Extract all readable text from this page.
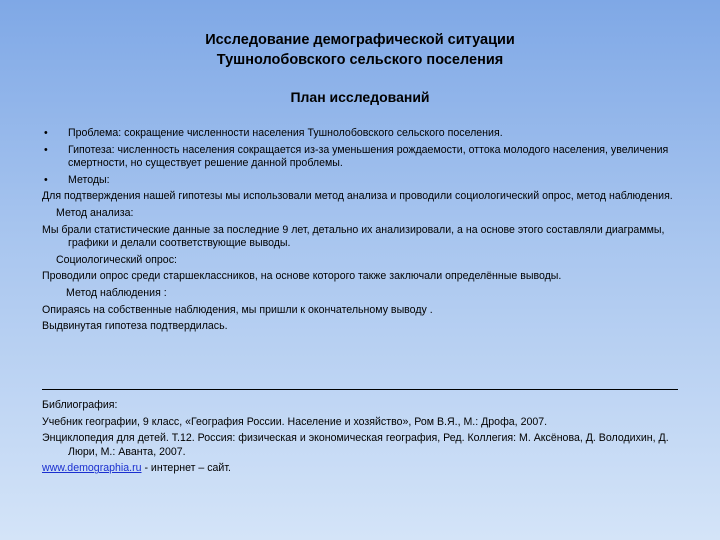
Исследование демографической ситуации
Тушнолобовского сельского поселения
План исследований
• Проблема: сокращение численности населения Тушнолобовского сельского поселения.
• Гипотеза: численность населения сокращается из-за уменьшения рождаемости, оттока молодого населения, увеличения смертности, но существует решение данной проблемы.
• Методы:

Для подтверждения нашей гипотезы мы использовали метод анализа и проводили социологический опрос, метод наблюдения.

Метод анализа:

Мы брали статистические данные за последние 9 лет, детально их анализировали, а на основе этого составляли диаграммы, графики и делали соответствующие выводы.

Социологический опрос:

Проводили опрос среди старшеклассников, на основе которого также заключали определённые выводы.

Метод наблюдения :

Опираясь на собственные наблюдения, мы пришли к окончательному выводу .

Выдвинутая гипотеза подтвердилась.

Библиография:

Учебник географии, 9 класс, «География России. Население и хозяйство», Ром В.Я., М.: Дрофа, 2007.

Энциклопедия для детей. Т.12. Россия: физическая и экономическая география, Ред. Коллегия: М. Аксёнова, Д. Володихин, Д. Люри, М.: Аванта, 2007.

www.demographia.ru - интернет – сайт.
